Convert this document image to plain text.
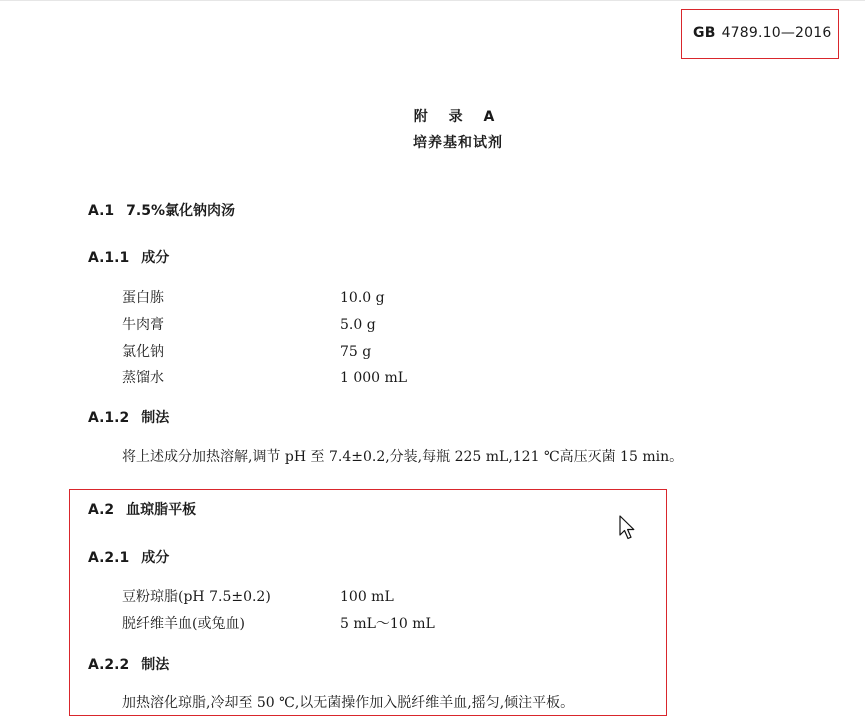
GB 4789.10—2016
附 录 A
培养基和试剂
A.1 7.5%氯化钠肉汤
A.1.1 成分
蛋白胨	10.0 g
牛肉膏	5.0 g
氯化钠	75 g
蒸馏水	1 000 mL
A.1.2 制法
将上述成分加热溶解,调节 pH 至 7.4±0.2,分装,每瓶 225 mL,121 ℃高压灭菌 15 min。
A.2 血琼脂平板
A.2.1 成分
豆粉琼脂(pH 7.5±0.2)	100 mL
脱纤维羊血(或兔血)	5 mL～10 mL
A.2.2 制法
加热溶化琼脂,冷却至 50 ℃,以无菌操作加入脱纤维羊血,摇匀,倾注平板。
